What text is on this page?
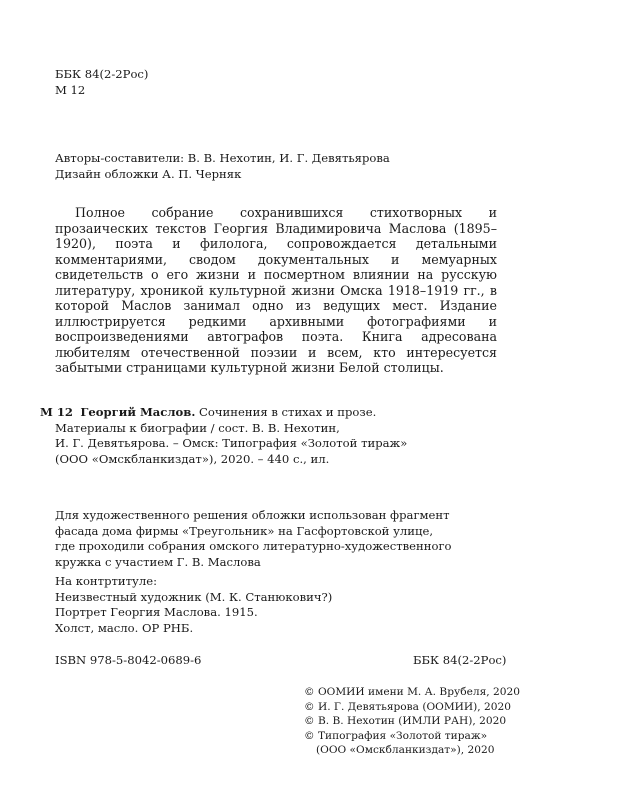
ББК 84(2-2Рос)
М 12
Авторы-составители: В. В. Нехотин, И. Г. Девятьярова
Дизайн обложки А. П. Черняк

Полное собрание сохранившихся стихотворных и прозаических текстов Георгия Владимировича Маслова (1895–1920), поэта и филолога, сопровождается детальными комментариями, сводом документальных и мемуарных свидетельств о его жизни и посмертном влиянии на русскую литературу, хроникой культурной жизни Омска 1918–1919 гг., в которой Маслов занимал одно из ведущих мест. Издание иллюстрируется редкими архивными фотографиями и воспроизведениями автографов поэта. Книга адресована любителям отечественной поэзии и всем, кто интересуется забытыми страницами культурной жизни Белой столицы.

М 12 Георгий Маслов. Сочинения в стихах и прозе.
Материалы к биографии / сост. В. В. Нехотин,
И. Г. Девятьярова. – Омск: Типография «Золотой тираж»
(ООО «Омскбланкиздат»), 2020. – 440 с., ил.
Для художественного решения обложки использован фрагмент
фасада дома фирмы «Треугольник» на Гасфортовской улице,
где проходили собрания омского литературно-художественного
кружка с участием Г. В. Маслова
На контртитуле:
Неизвестный художник (М. К. Станюкович?)
Портрет Георгия Маслова. 1915.
Холст, масло. ОР РНБ.
ISBN 978-5-8042-0689-6	ББК 84(2-2Рос)
© ООМИИ имени М. А. Врубеля, 2020
© И. Г. Девятьярова (ООМИИ), 2020
© В. В. Нехотин (ИМЛИ РАН), 2020
© Типография «Золотой тираж»
(ООО «Омскбланкиздат»), 2020
